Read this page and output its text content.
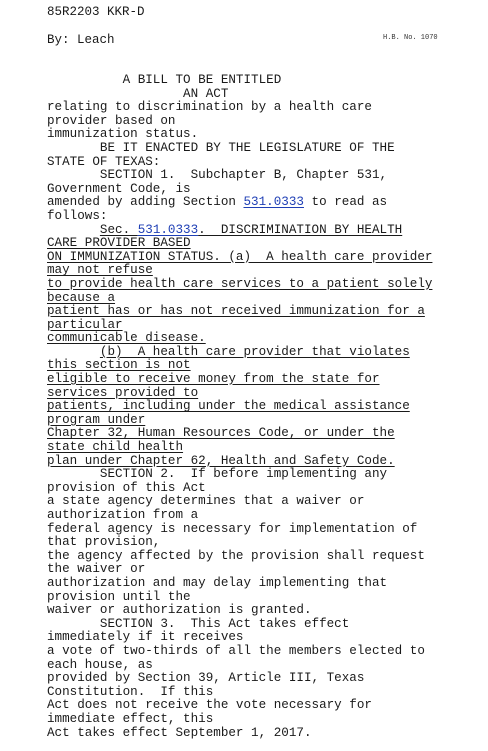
85R2203 KKR-D
By: Leach	H.B. No. 1070
A BILL TO BE ENTITLED
AN ACT
relating to discrimination by a health care
provider based on
immunization status.
BE IT ENACTED BY THE LEGISLATURE OF THE
STATE OF TEXAS:
SECTION 1.  Subchapter B, Chapter 531,
Government Code, is
amended by adding Section 531.0333 to read as
follows:
Sec. 531.0333.  DISCRIMINATION BY HEALTH
CARE PROVIDER BASED
ON IMMUNIZATION STATUS. (a)  A health care provider
may not refuse
to provide health care services to a patient solely
because a
patient has or has not received immunization for a
particular
communicable disease.
(b)  A health care provider that violates
this section is not
eligible to receive money from the state for
services provided to
patients, including under the medical assistance
program under
Chapter 32, Human Resources Code, or under the
state child health
plan under Chapter 62, Health and Safety Code.
SECTION 2.  If before implementing any
provision of this Act
a state agency determines that a waiver or
authorization from a
federal agency is necessary for implementation of
that provision,
the agency affected by the provision shall request
the waiver or
authorization and may delay implementing that
provision until the
waiver or authorization is granted.
SECTION 3.  This Act takes effect
immediately if it receives
a vote of two-thirds of all the members elected to
each house, as
provided by Section 39, Article III, Texas
Constitution.  If this
Act does not receive the vote necessary for
immediate effect, this
Act takes effect September 1, 2017.
